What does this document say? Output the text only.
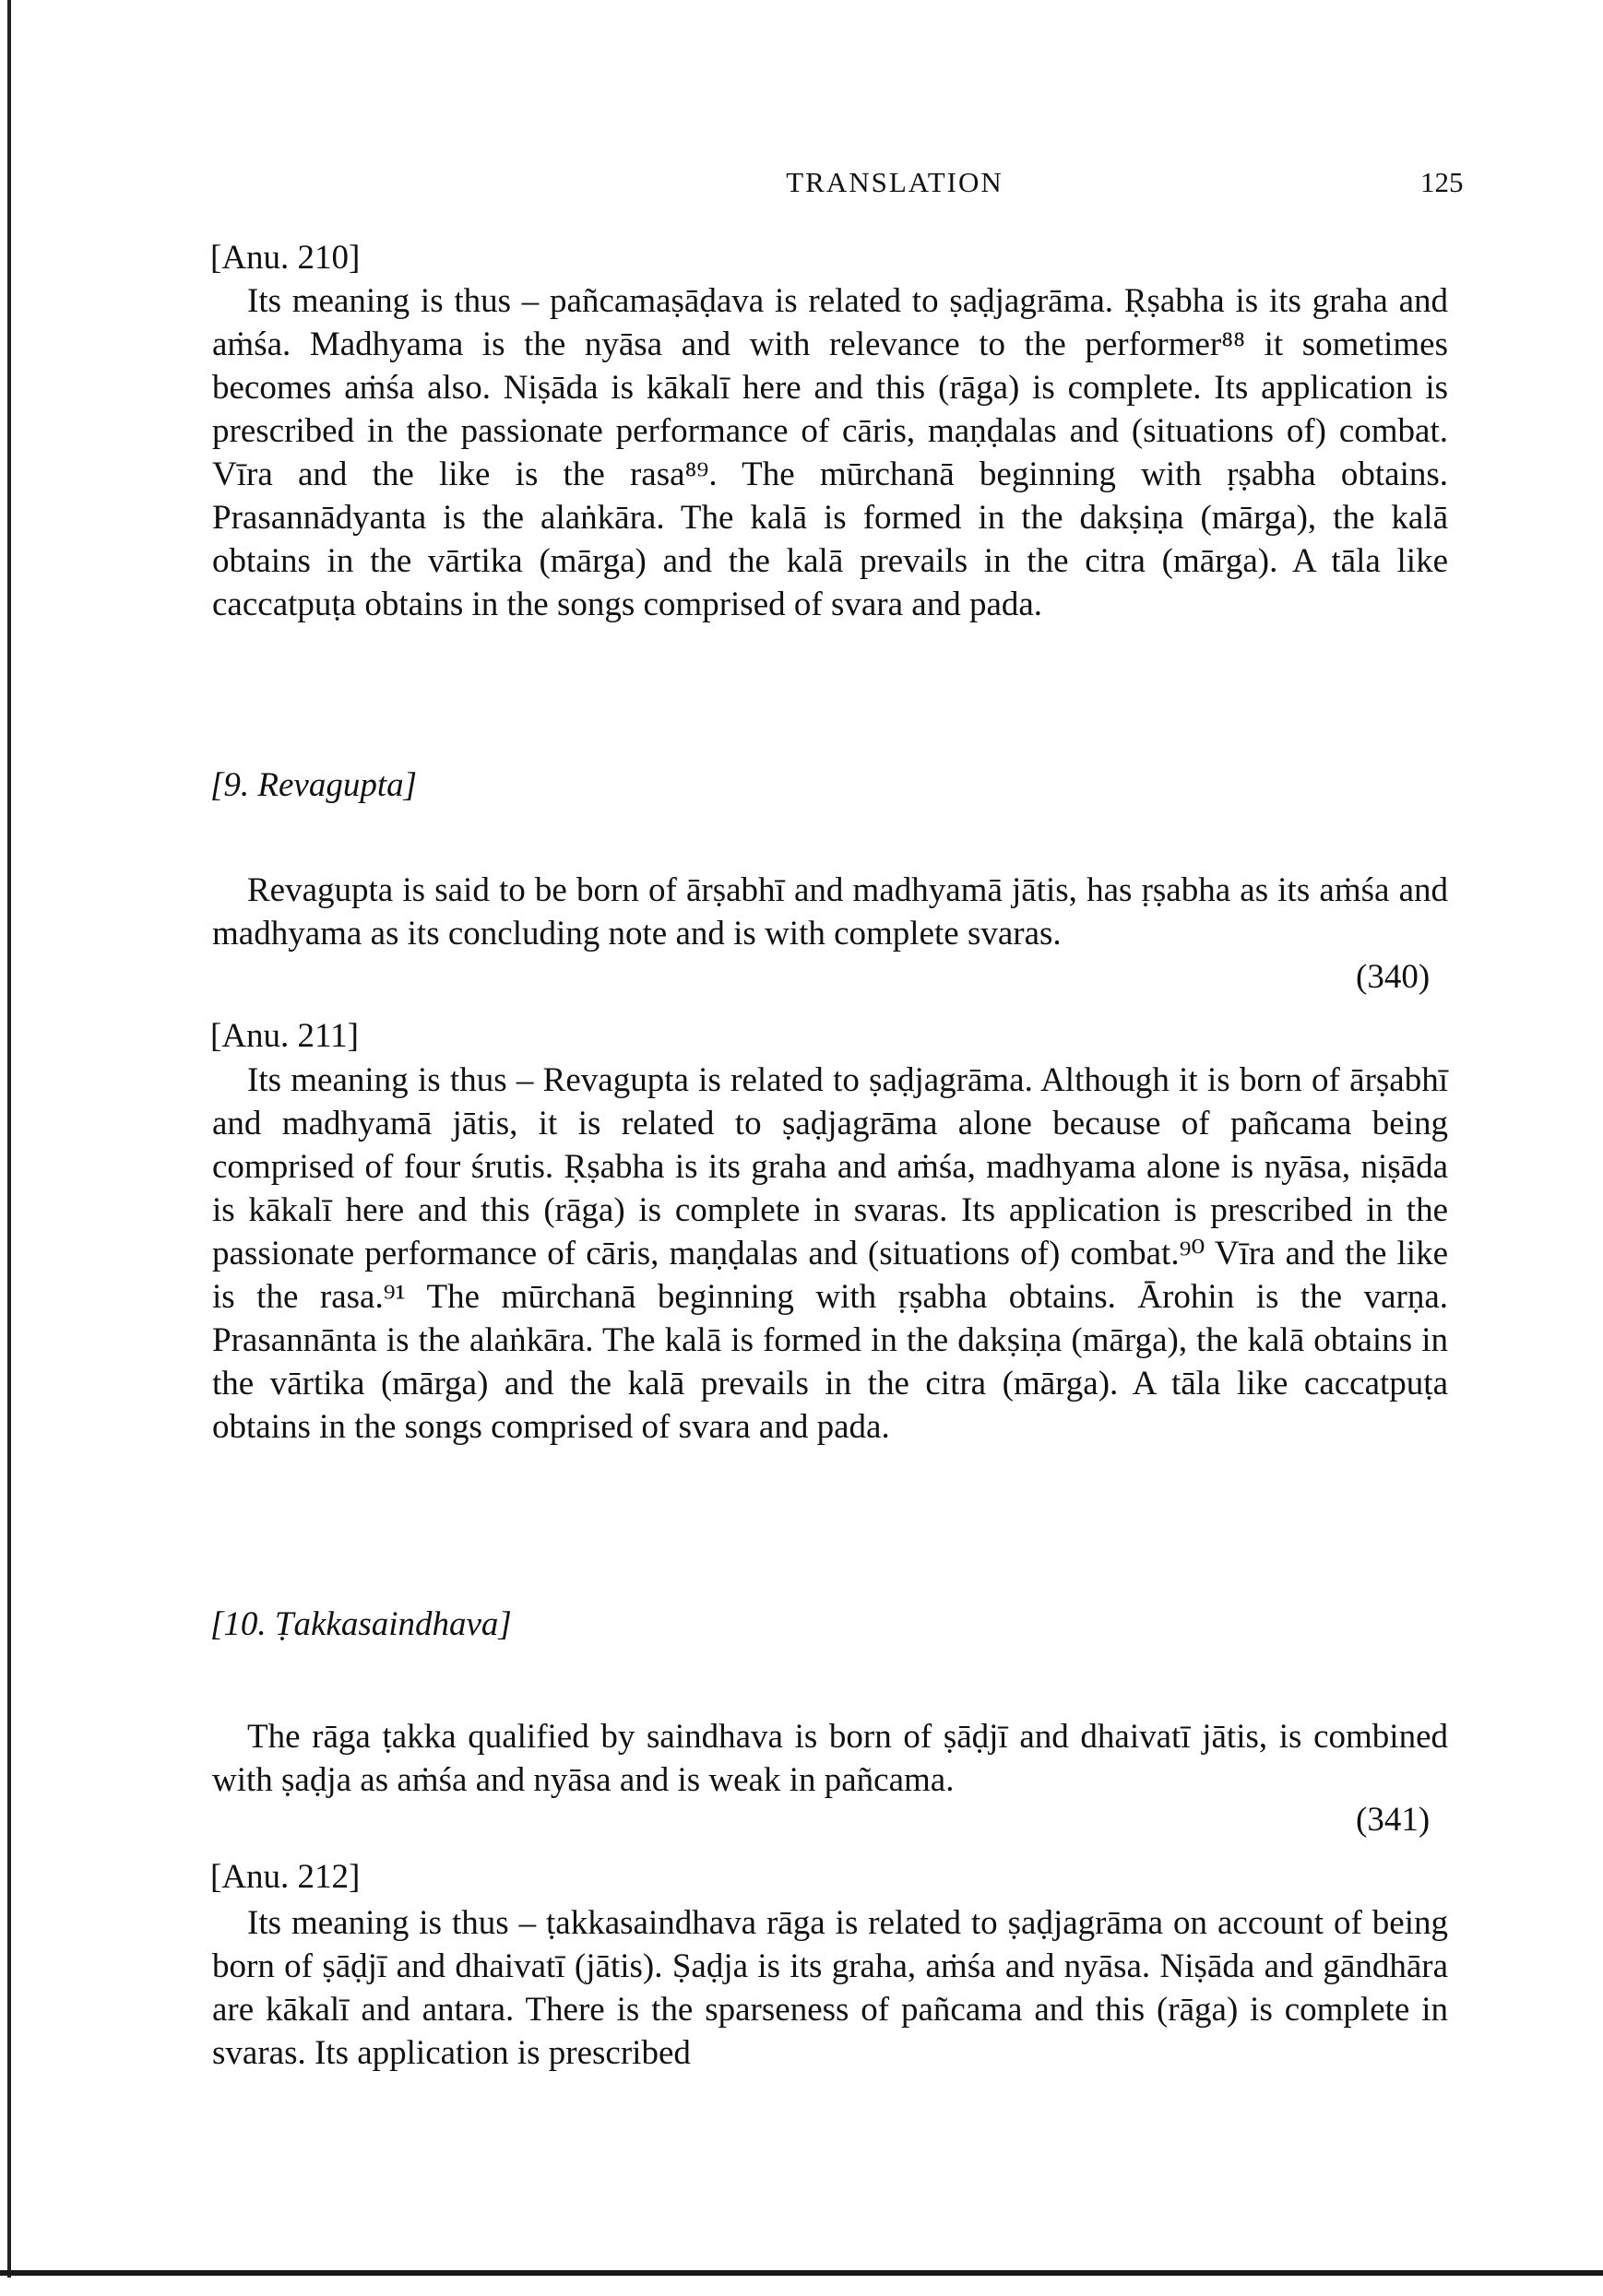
TRANSLATION	125
[Anu. 210]
Its meaning is thus – pañcamaṣāḍava is related to ṣaḍjagrāma. Ṛṣabha is its graha and aṁśa. Madhyama is the nyāsa and with relevance to the performer⁸⁸ it sometimes becomes aṁśa also. Niṣāda is kākalī here and this (rāga) is complete. Its application is prescribed in the passionate performance of cāris, maṇḍalas and (situations of) combat. Vīra and the like is the rasa⁸⁹. The mūrchanā beginning with ṛṣabha obtains. Prasannādyanta is the alaṅkāra. The kalā is formed in the dakṣiṇa (mārga), the kalā obtains in the vārtika (mārga) and the kalā prevails in the citra (mārga). A tāla like caccatpuṭa obtains in the songs comprised of svara and pada.
[9. Revagupta]
Revagupta is said to be born of ārṣabhī and madhyamā jātis, has ṛṣabha as its aṁśa and madhyama as its concluding note and is with complete svaras.
(340)
[Anu. 211]
Its meaning is thus – Revagupta is related to ṣaḍjagrāma. Although it is born of ārṣabhī and madhyamā jātis, it is related to ṣaḍjagrāma alone because of pañcama being comprised of four śrutis. Ṛṣabha is its graha and aṁśa, madhyama alone is nyāsa, niṣāda is kākalī here and this (rāga) is complete in svaras. Its application is prescribed in the passionate performance of cāris, maṇḍalas and (situations of) combat.⁹⁰ Vīra and the like is the rasa.⁹¹ The mūrchanā beginning with ṛṣabha obtains. Ārohin is the varṇa. Prasannānta is the alaṅkāra. The kalā is formed in the dakṣiṇa (mārga), the kalā obtains in the vārtika (mārga) and the kalā prevails in the citra (mārga). A tāla like caccatpuṭa obtains in the songs comprised of svara and pada.
[10. Ṭakkasaindhava]
The rāga ṭakka qualified by saindhava is born of ṣāḍjī and dhaivatī jātis, is combined with ṣaḍja as aṁśa and nyāsa and is weak in pañcama.
(341)
[Anu. 212]
Its meaning is thus – ṭakkasaindhava rāga is related to ṣaḍjagrāma on account of being born of ṣāḍjī and dhaivatī (jātis). Ṣaḍja is its graha, aṁśa and nyāsa. Niṣāda and gāndhāra are kākalī and antara. There is the sparseness of pañcama and this (rāga) is complete in svaras. Its application is prescribed
